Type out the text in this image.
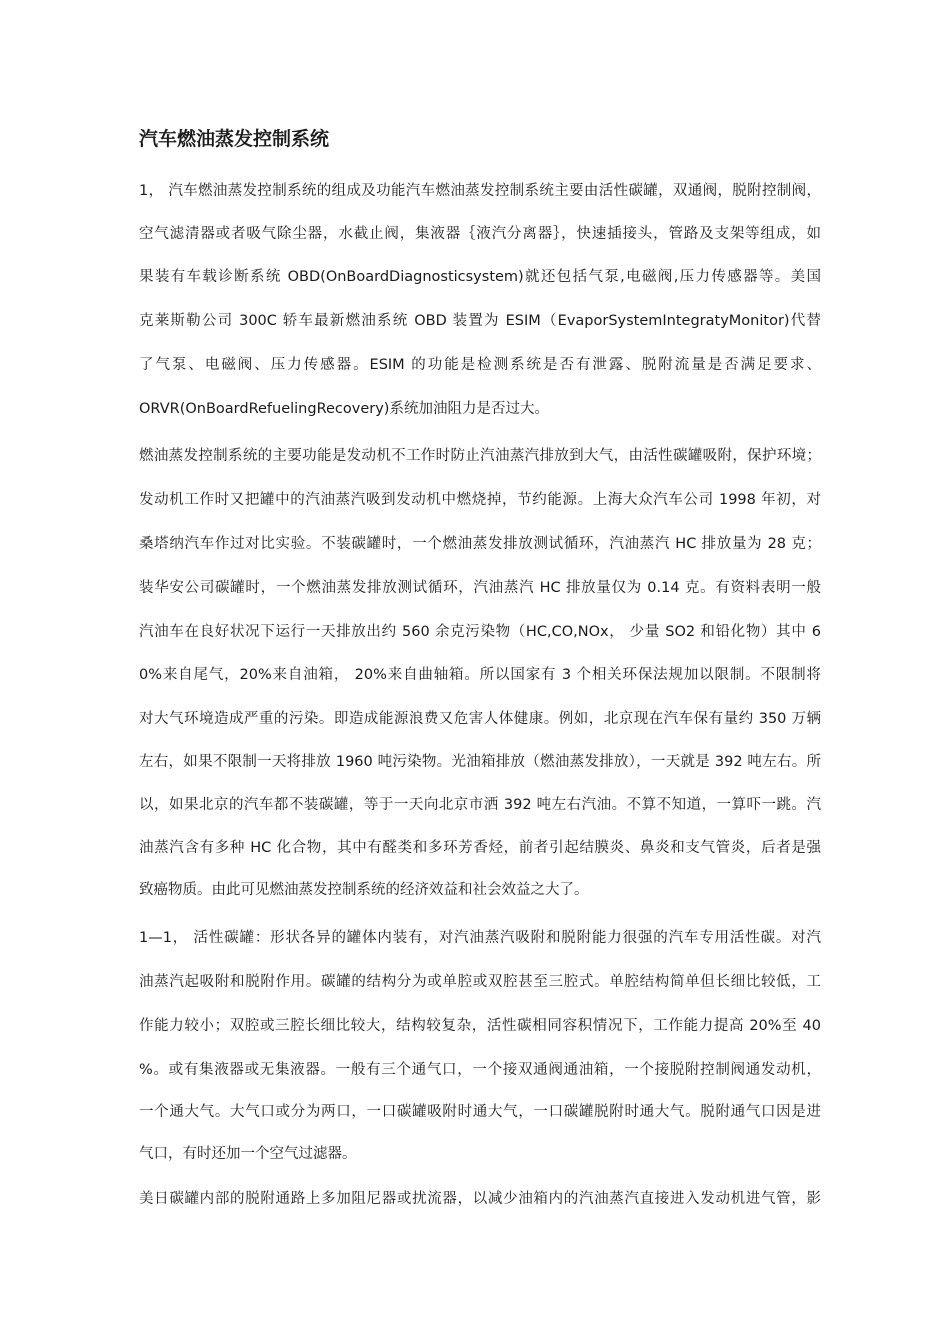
汽车燃油蒸发控制系统

1， 汽车燃油蒸发控制系统的组成及功能汽车燃油蒸发控制系统主要由活性碳罐，双通阀，脱附控制阀，

空气滤清器或者吸气除尘器，水截止阀，集液器｛液汽分离器｝，快速插接头，管路及支架等组成，如

果装有车载诊断系统 OBD(OnBoardDiagnosticsystem)就还包括气泵,电磁阀,压力传感器等。美国

克莱斯勒公司 300C 轿车最新燃油系统 OBD 装置为 ESIM（EvaporSystemIntegratyMonitor)代替

了气泵、电磁阀、压力传感器。ESIM 的功能是检测系统是否有泄露、脱附流量是否满足要求、

ORVR(OnBoardRefuelingRecovery)系统加油阻力是否过大。

燃油蒸发控制系统的主要功能是发动机不工作时防止汽油蒸汽排放到大气，由活性碳罐吸附，保护环境；

发动机工作时又把罐中的汽油蒸汽吸到发动机中燃烧掉，节约能源。上海大众汽车公司 1998 年初，对

桑塔纳汽车作过对比实验。不装碳罐时，一个燃油蒸发排放测试循环，汽油蒸汽 HC 排放量为 28 克；

装华安公司碳罐时，一个燃油蒸发排放测试循环，汽油蒸汽 HC 排放量仅为 0.14 克。有资料表明一般

汽油车在良好状况下运行一天排放出约 560 余克污染物（HC,CO,NOx， 少量 SO2 和铅化物）其中 6

0%来自尾气，20%来自油箱， 20%来自曲轴箱。所以国家有 3 个相关环保法规加以限制。不限制将

对大气环境造成严重的污染。即造成能源浪费又危害人体健康。例如，北京现在汽车保有量约 350 万辆

左右，如果不限制一天将排放 1960 吨污染物。光油箱排放（燃油蒸发排放），一天就是 392 吨左右。所

以，如果北京的汽车都不装碳罐，等于一天向北京市洒 392 吨左右汽油。不算不知道，一算吓一跳。汽

油蒸汽含有多种 HC 化合物，其中有醛类和多环芳香烃，前者引起结膜炎、鼻炎和支气管炎，后者是强

致癌物质。由此可见燃油蒸发控制系统的经济效益和社会效益之大了。

1—1， 活性碳罐：形状各异的罐体内装有，对汽油蒸汽吸附和脱附能力很强的汽车专用活性碳。对汽

油蒸汽起吸附和脱附作用。碳罐的结构分为或单腔或双腔甚至三腔式。单腔结构简单但长细比较低，工

作能力较小；双腔或三腔长细比较大，结构较复杂，活性碳相同容积情况下，工作能力提高 20%至 40

%。或有集液器或无集液器。一般有三个通气口，一个接双通阀通油箱，一个接脱附控制阀通发动机，

一个通大气。大气口或分为两口，一口碳罐吸附时通大气，一口碳罐脱附时通大气。脱附通气口因是进

气口，有时还加一个空气过滤器。

美日碳罐内部的脱附通路上多加阻尼器或扰流器，以减少油箱内的汽油蒸汽直接进入发动机进气管，影
